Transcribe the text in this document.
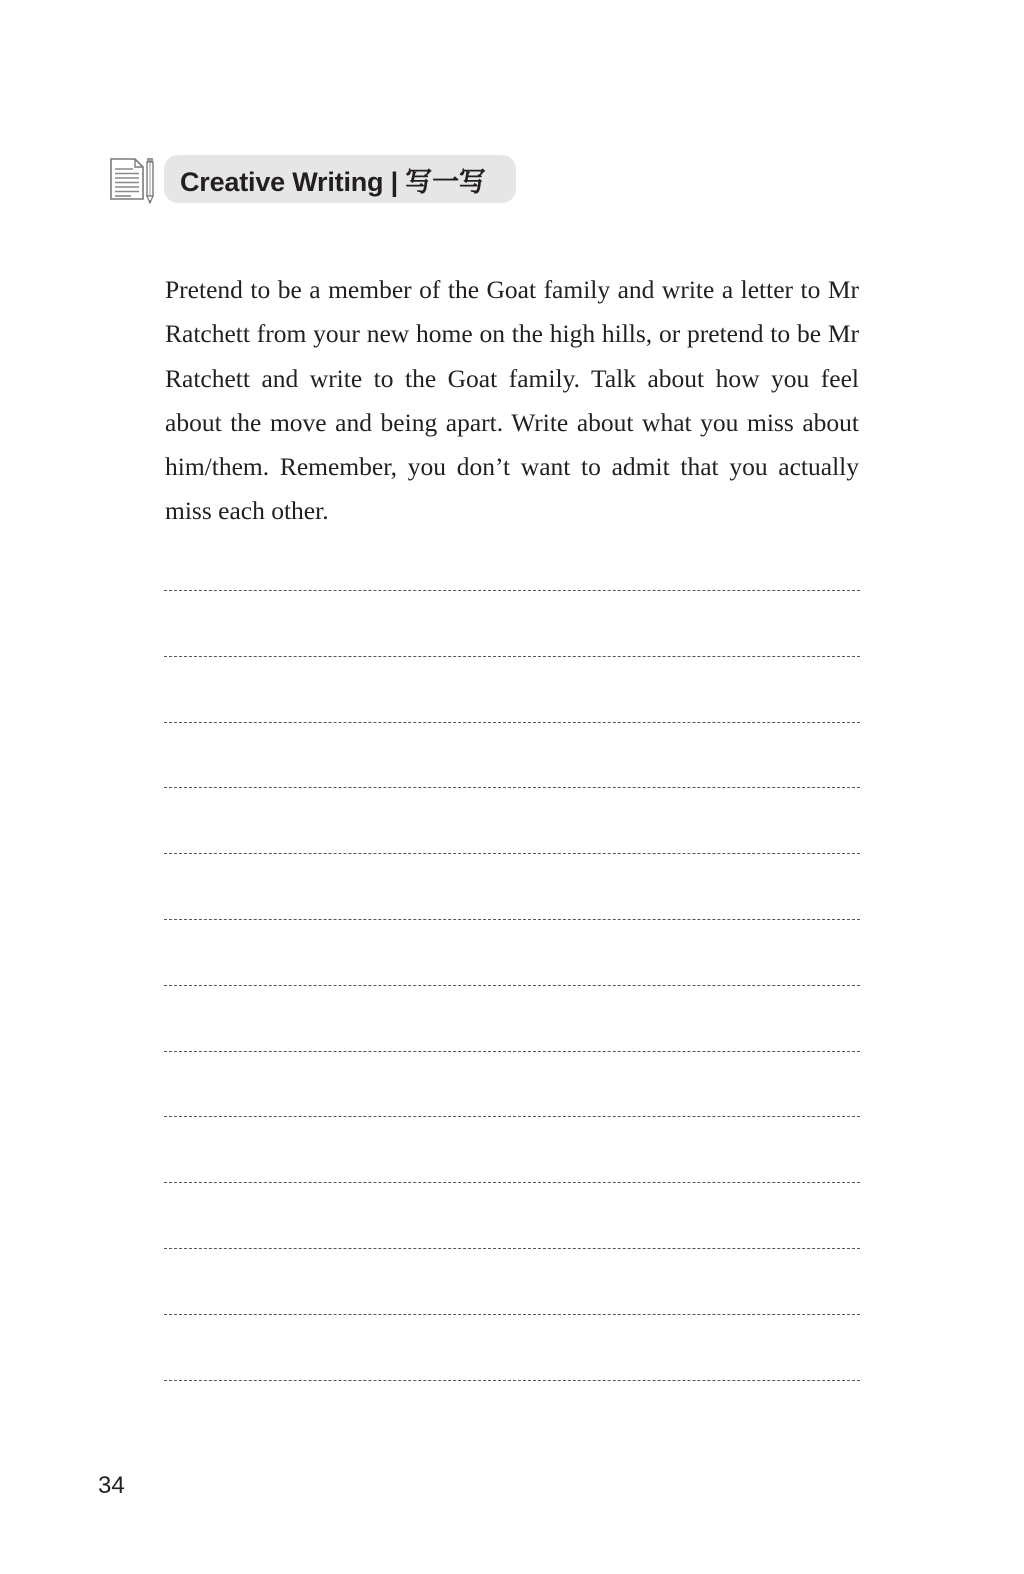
Creative Writing | 写一写

Pretend to be a member of the Goat family and write a letter to Mr Ratchett from your new home on the high hills, or pretend to be Mr Ratchett and write to the Goat family. Talk about how you feel about the move and being apart. Write about what you miss about him/them. Remember, you don’t want to admit that you actually miss each other.

34
